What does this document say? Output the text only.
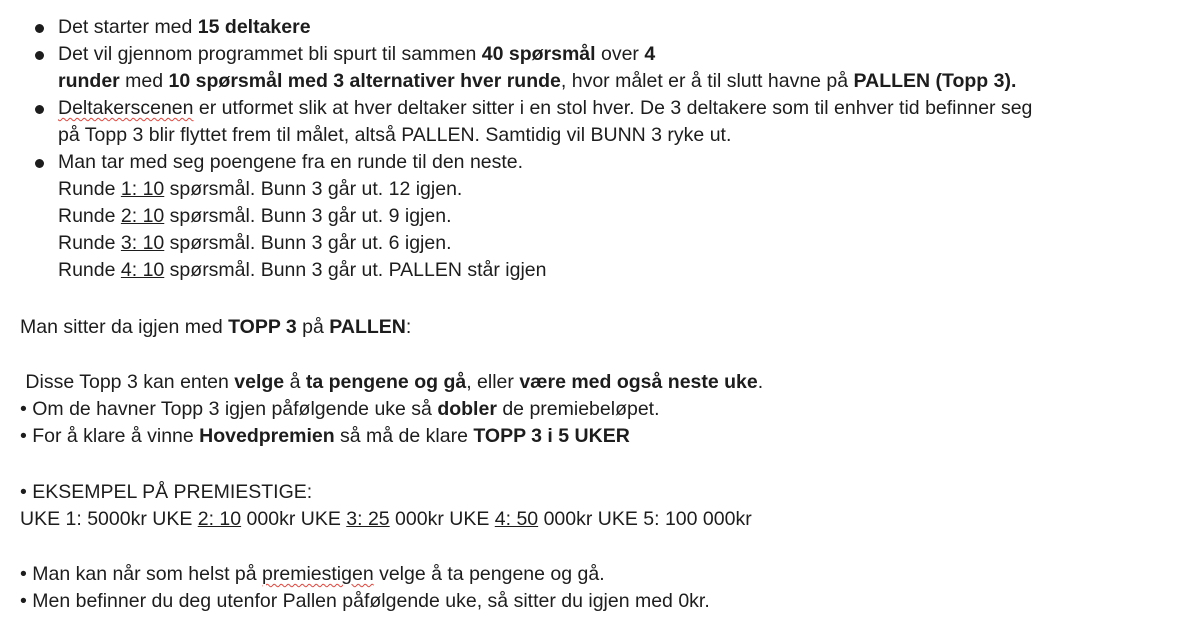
Det starter med 15 deltakere
Det vil gjennom programmet bli spurt til sammen 40 spørsmål over 4
runder med 10 spørsmål med 3 alternativer hver runde, hvor målet er å til slutt havne på PALLEN (Topp 3).
Deltakerscenen er utformet slik at hver deltaker sitter i en stol hver. De 3 deltakere som til enhver tid befinner seg
på Topp 3 blir flyttet frem til målet, altså PALLEN. Samtidig vil BUNN 3 ryke ut.
Man tar med seg poengene fra en runde til den neste.
Runde 1: 10 spørsmål. Bunn 3 går ut. 12 igjen.
Runde 2: 10 spørsmål. Bunn 3 går ut. 9 igjen.
Runde 3: 10 spørsmål. Bunn 3 går ut. 6 igjen.
Runde 4: 10 spørsmål. Bunn 3 går ut. PALLEN står igjen
Man sitter da igjen med TOPP 3 på PALLEN:
Disse Topp 3 kan enten velge å ta pengene og gå, eller være med også neste uke.
• Om de havner Topp 3 igjen påfølgende uke så dobler de premiebeløpet.
• For å klare å vinne Hovedpremien så må de klare TOPP 3 i 5 UKER
• EKSEMPEL PÅ PREMIESTIGE:
UKE 1: 5000kr UKE 2: 10 000kr UKE 3: 25 000kr UKE 4: 50 000kr UKE 5: 100 000kr
• Man kan når som helst på premiestigen velge å ta pengene og gå.
• Men befinner du deg utenfor Pallen påfølgende uke, så sitter du igjen med 0kr.
